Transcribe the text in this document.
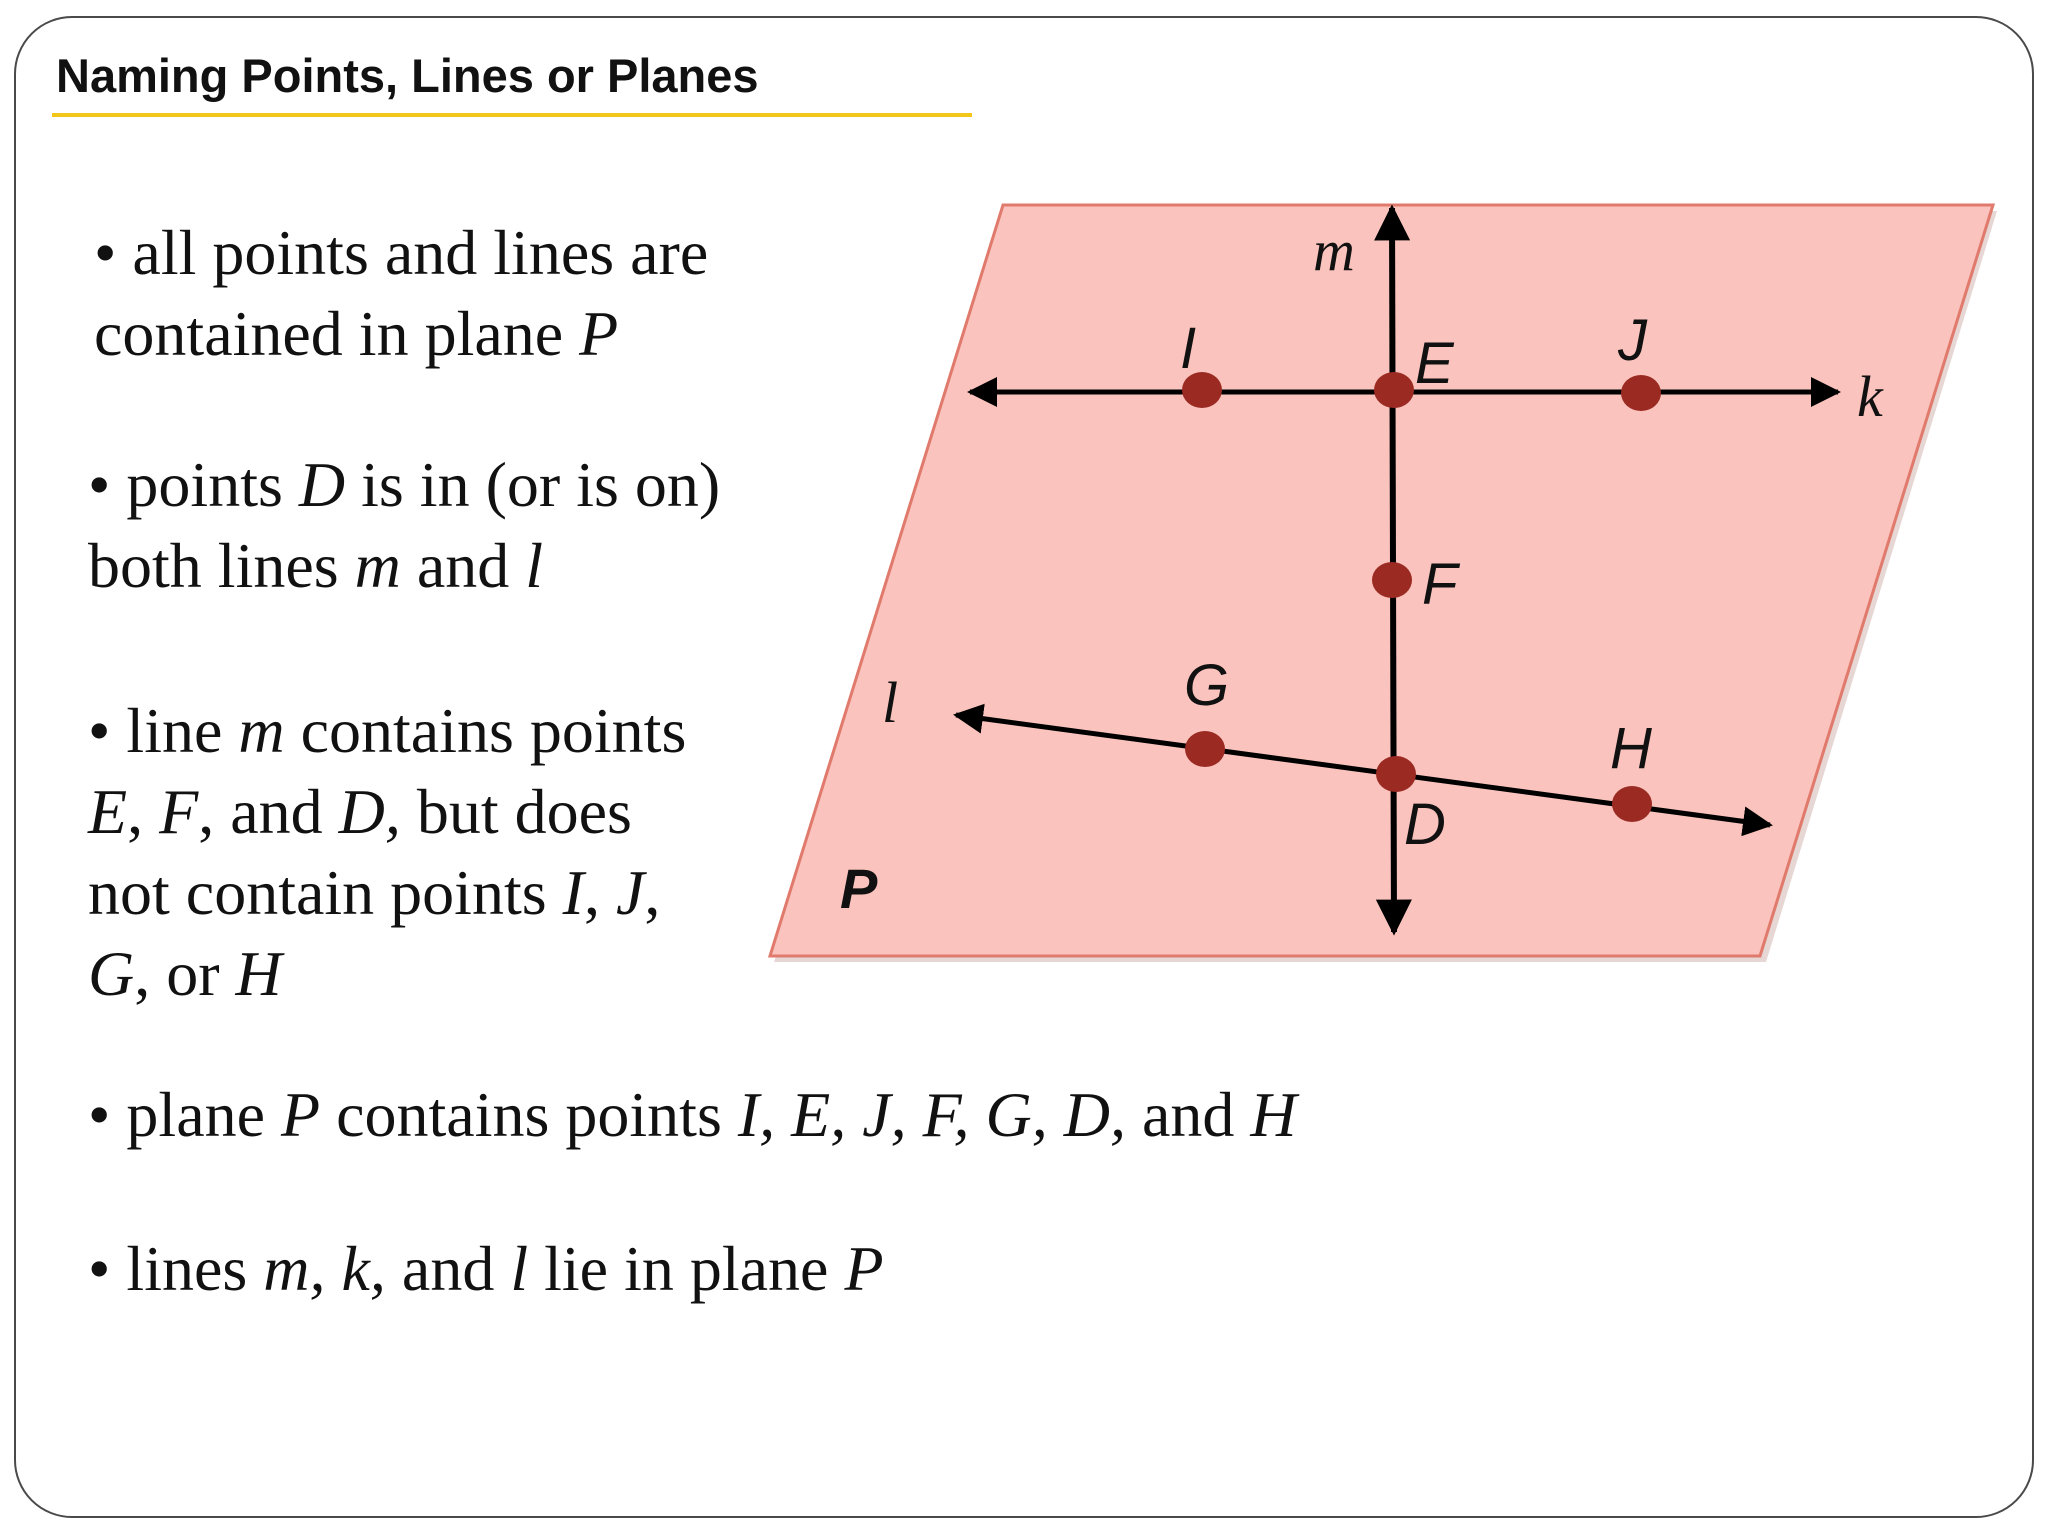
Naming Points, Lines or Planes
• all points and lines are
contained in plane P
• points D is in (or is on)
both lines m and l
• line m contains points
E, F, and D, but does
not contain points I, J,
G, or H
• plane P contains points I, E, J, F, G, D, and H
• lines m, k, and l lie in plane P
m
k
l
I	E	J
F
G
D
H
P
